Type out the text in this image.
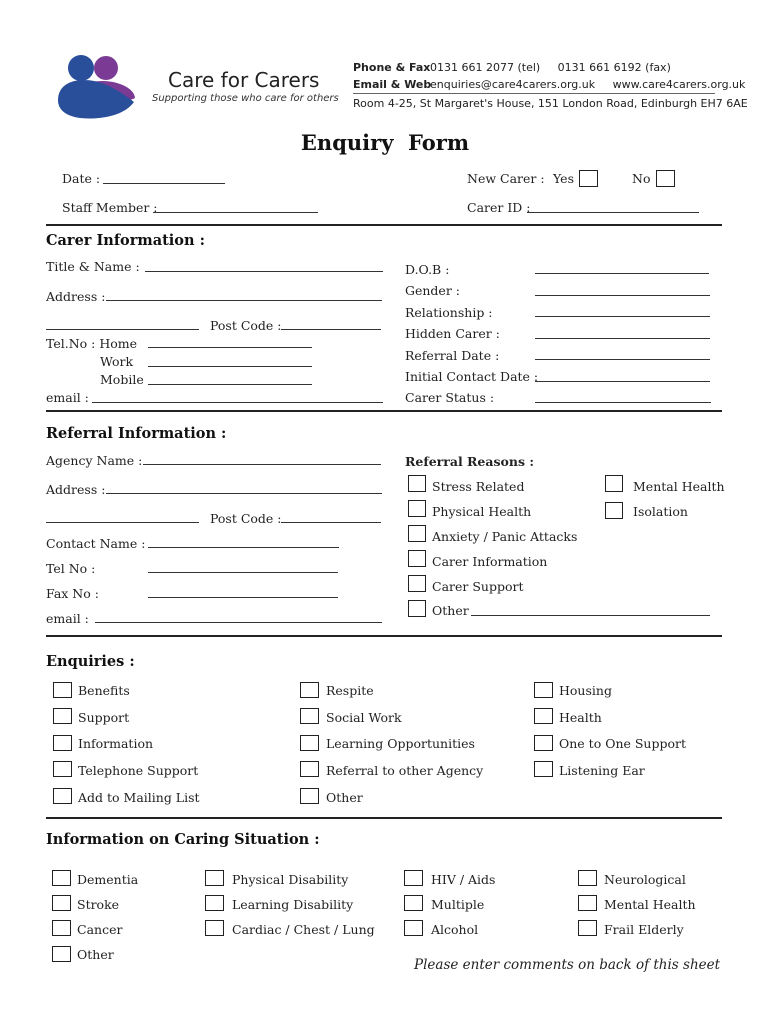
Care for Carers
Supporting those who care for others
Phone & Fax 0131 661 2077 (tel)     0131 661 6192 (fax)
Email & Web
enquiries@care4carers.org.uk     www.care4carers.org.uk
Room 4-25, St Margaret's House, 151 London Road, Edinburgh EH7 6AE
Enquiry  Form
Date :	New Carer : Yes	No
Staff Member :	Carer ID :
Carer Information :
Title & Name :
Address :
Post Code :
Tel.No : Home
Work
Mobile
email :
D.O.B :
Gender :
Relationship :
Hidden Carer :
Referral Date :
Initial Contact Date :
Carer Status :
Referral Information :
Agency Name :
Address :
Post Code :
Contact Name :
Tel No :
Fax No :
email :
Referral Reasons :
Stress Related
Physical Health
Anxiety / Panic Attacks
Carer Information
Carer Support
Other
Mental Health
Isolation
Enquiries :
Benefits
Support
Information
Telephone Support
Add to Mailing List
Respite
Social Work
Learning Opportunities
Referral to other Agency
Other
Housing
Health
One to One Support
Listening Ear
Information on Caring Situation :
Dementia
Stroke
Cancer
Other
Physical Disability
Learning Disability
Cardiac / Chest / Lung
HIV / Aids
Multiple
Alcohol
Neurological
Mental Health
Frail Elderly
Please enter comments on back of this sheet
